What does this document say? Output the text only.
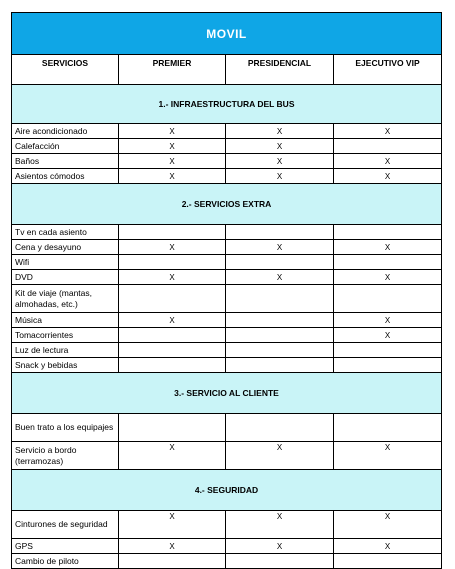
MOVIL			
SERVICIOS	PREMIER	PRESIDENCIAL	EJECUTIVO VIP
1.- INFRAESTRUCTURA DEL BUS			
Aire acondicionado	X	X	X
Calefacción	X	X	
Baños	X	X	X
Asientos cómodos	X	X	X
2.- SERVICIOS EXTRA			
Tv en cada asiento			
Cena y desayuno	X	X	X
Wifi			
DVD	X	X	X
Kit de viaje (mantas, almohadas, etc.)			
Música	X		X
Tomacorrientes			X
Luz de lectura			
Snack y bebidas			
3.- SERVICIO AL CLIENTE			
Buen trato a los equipajes			
Servicio a bordo (terramozas)	X	X	X
4.- SEGURIDAD			
Cinturones de seguridad	X	X	X
GPS	X	X	X
Cambio de piloto			
